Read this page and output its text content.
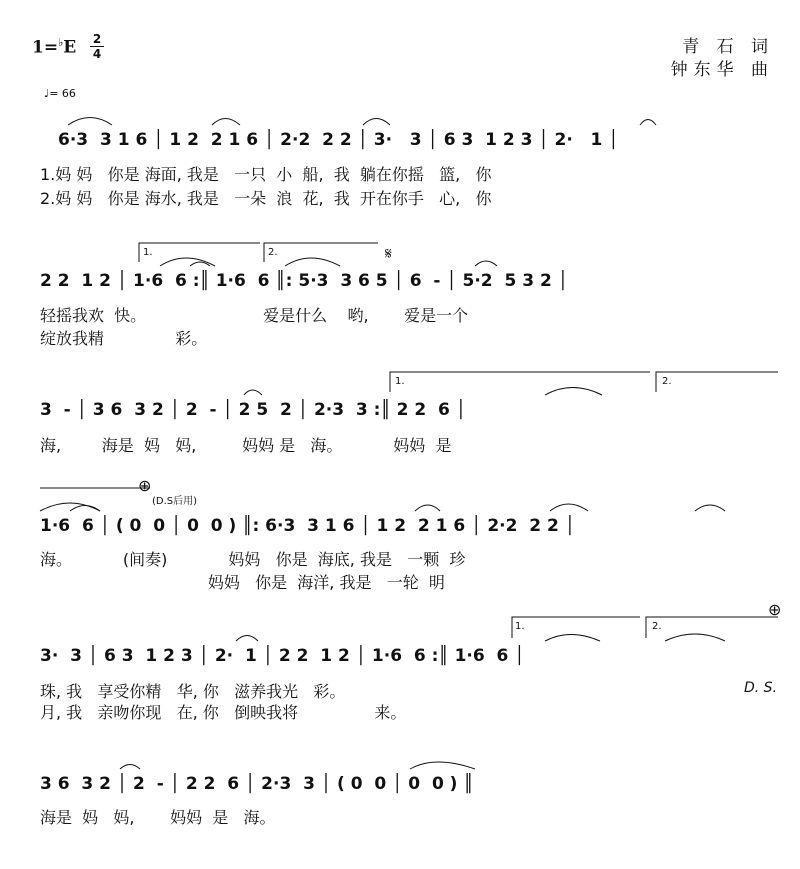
1=♭E 2
4	青 石 词
钟东华 曲
♩= 66
6·3  3 1 6 │ 1 2  2 1 6 │ 2·2  2 2 │ 3·   3 │ 6 3  1 2 3 │ 2·   1 │
1.妈 妈   你是 海面, 我是   一只  小  船,  我  躺在你摇   篮,   你
2.妈 妈   你是 海水, 我是   一朵  浪  花,  我  开在你手   心,   你
2 2  1 2 │ 1·6  6 :║ 1·6  6 ║: 5·3  3 6 5 │ 6  - │ 5·2  5 3 2 │
轻摇我欢  快。                       爱是什么    哟,       爱是一个
绽放我精              彩。
3  - │ 3 6  3 2 │ 2  - │ 2 5  2 │ 2·3  3 :║ 2 2  6 │
海,        海是  妈   妈,         妈妈 是   海。          妈妈  是
1·6  6 │ ( 0  0 │ 0  0 ) ║: 6·3  3 1 6 │ 1 2  2 1 6 │ 2·2  2 2 │
海。          (间奏)            妈妈   你是  海底, 我是   一颗  珍
妈妈   你是  海洋, 我是   一轮  明
3·  3 │ 6 3  1 2 3 │ 2·  1 │ 2 2  1 2 │ 1·6  6 :║ 1·6  6 │
珠, 我   享受你精   华, 你   滋养我光   彩。
月, 我   亲吻你现   在, 你   倒映我将               来。
3 6  3 2 │ 2  - │ 2 2  6 │ 2·3  3 │ ( 0  0 │ 0  0 ) ║
海是  妈   妈,       妈妈  是   海。
𝄋
⊕
⊕
(D.S后用)
D. S.
1.	2.
1.	2.
1.	2.
